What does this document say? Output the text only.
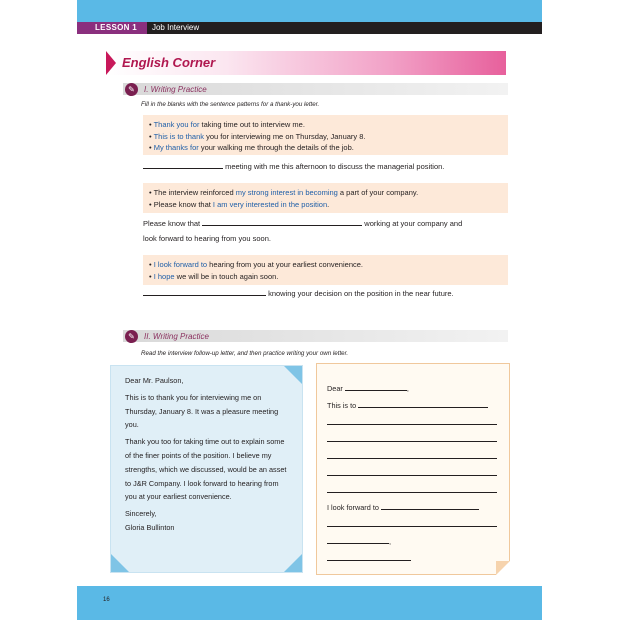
LESSON 1	Job Interview
English Corner
✎	I. Writing Practice
Fill in the blanks with the sentence patterns for a thank-you letter.
• Thank you for taking time out to interview me.
• This is to thank you for interviewing me on Thursday, January 8.
• My thanks for your walking me through the details of the job.
meeting with me this afternoon to discuss the managerial position.
• The interview reinforced my strong interest in becoming a part of your company.
• Please know that I am very interested in the position.
Please know that	working at your company and
look forward to hearing from you soon.
• I look forward to hearing from you at your earliest convenience.
• I hope we will be in touch again soon.
knowing your decision on the position in the near future.
✎	II. Writing Practice
Read the interview follow-up letter, and then practice writing your own letter.
Dear Mr. Paulson,
This is to thank you for interviewing me on Thursday, January 8. It was a pleasure meeting you.
Thank you too for taking time out to explain some of the finer points of the position. I believe my strengths, which we discussed, would be an asset to J&R Company. I look forward to hearing from you at your earliest convenience.
Sincerely,
Gloria Bullinton
Dear	,
This is to
I look forward to
,
16
